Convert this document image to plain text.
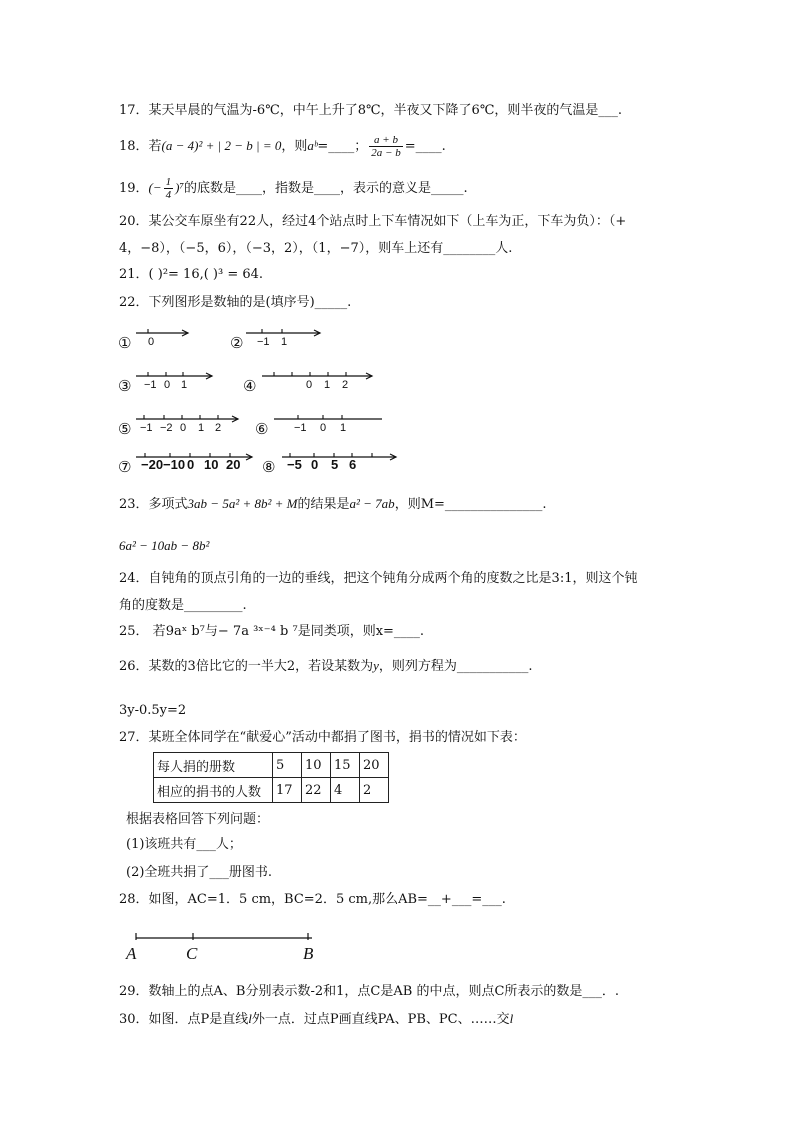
17．某天早晨的气温为-6℃，中午上升了8℃，半夜又下降了6℃，则半夜的气温是___.
18．若(a − 4)² + | 2 − b | = 0，则aᵇ=____； $\frac{a + b}{2a - b}$ =____.
19．(− $\frac{1}{4} )^7$的底数是____，指数是____，表示的意义是_____.
20．某公交车原坐有22人，经过4个站点时上下车情况如下（上车为正，下车为负）：（+
4，−8），（−5，6），（−3，2），（1，−7），则车上还有________人.
21．( )²= 16,( )³ = 64.
22．下列图形是数轴的是(填序号)_____.
① 0	② −1 1
③ −1 0 1	④	0 1 2
⑤ −1 −2 0 1 2 ⑥ −1 0 1
⑦ −20 −10 0 10 20 ⑧ −5 0 5 6
23．多项式3ab − 5a² + 8b² + M的结果是a² − 7ab，则M=_______________.
6a² − 10ab − 8b²
24．自钝角的顶点引角的一边的垂线，把这个钝角分成两个角的度数之比是3:1，则这个钝
角的度数是_________.
25． 若9aˣ b⁷与− 7a ³ˣ⁻⁴ b ⁷是同类项，则x=____.
26．某数的3倍比它的一半大2，若设某数为y，则列方程为___________.
3y-0.5y=2
27．某班全体同学在“献爱心”活动中都捐了图书，捐书的情况如下表：
每人捐的册数	5	10	15	20
相应的捐书的人数	17	22	4	2
根据表格回答下列问题：
(1)该班共有___人；
(2)全班共捐了___册图书.
28．如图，AC=1．5 cm，BC=2．5 cm,那么AB=__+___=___.
A	C	B
29．数轴上的点A、B分别表示数-2和1，点C是AB 的中点，则点C所表示的数是___．.
30．如图．点P是直线l外一点．过点P画直线PA、PB、PC、……交l
